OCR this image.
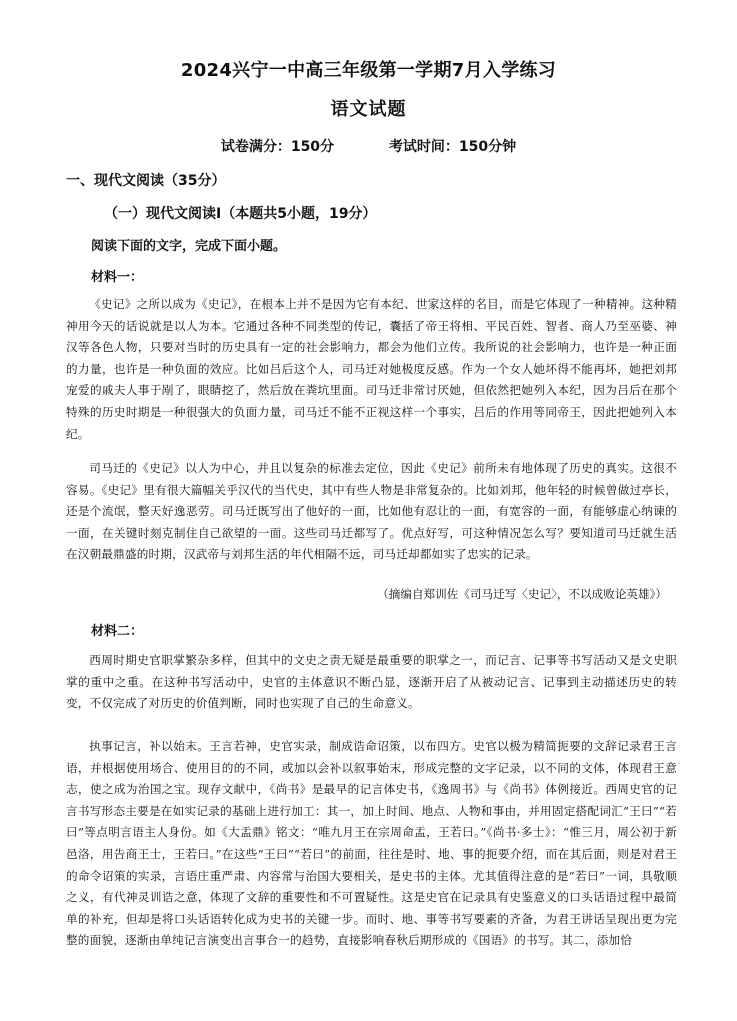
2024兴宁一中高三年级第一学期7月入学练习
语文试题
试卷满分：150分	考试时间：150分钟
一、现代文阅读（35分）
（一）现代文阅读Ⅰ（本题共5小题，19分）
阅读下面的文字，完成下面小题。
材料一：
《史记》之所以成为《史记》，在根本上并不是因为它有本纪、世家这样的名目，而是它体现了一种精神。这种精神用今天的话说就是以人为本。它通过各种不同类型的传记，囊括了帝王将相、平民百姓、智者、商人乃至巫婆、神汉等各色人物，只要对当时的历史具有一定的社会影响力，都会为他们立传。我所说的社会影响力，也许是一种正面的力量，也许是一种负面的效应。比如吕后这个人，司马迁对她极度反感。作为一个女人她坏得不能再坏，她把刘邦宠爱的戚夫人事于剐了，眼睛挖了，然后放在粪坑里面。司马迁非常讨厌她，但依然把她列入本纪，因为吕后在那个特殊的历史时期是一种很强大的负面力量，司马迁不能不正视这样一个事实，吕后的作用等同帝王，因此把她列入本纪。
司马迁的《史记》以人为中心，并且以复杂的标准去定位，因此《史记》前所未有地体现了历史的真实。这很不容易。《史记》里有很大篇幅关乎汉代的当代史，其中有些人物是非常复杂的。比如刘邦，他年轻的时候曾做过亭长，还是个流氓，整天好逸恶劳。司马迁既写出了他好的一面，比如他有忍让的一面，有宽容的一面，有能够虚心纳谏的一面，在关键时刻克制住自己欲望的一面。这些司马迁都写了。优点好写，可这种情况怎么写？要知道司马迁就生活在汉朝最鼎盛的时期，汉武帝与刘邦生活的年代相隔不远，司马迁却都如实了忠实的记录。
（摘编自郑训佐《司马迁写〈史记〉，不以成败论英雄》）
材料二：
西周时期史官职掌繁杂多样，但其中的文史之责无疑是最重要的职掌之一，而记言、记事等书写活动又是文史职掌的重中之重。在这种书写活动中，史官的主体意识不断凸显，逐渐开启了从被动记言、记事到主动描述历史的转变，不仅完成了对历史的价值判断，同时也实现了自己的生命意义。
执事记言，补以始末。王言若神，史官实录，制成诰命诏策，以布四方。史官以极为精简扼要的文辞记录君王言语，并根据使用场合、使用目的的不同，或加以会补以叙事始末，形成完整的文字记录，以不同的文体，体现君王意志，使之成为治国之宝。现存文献中，《尚书》是最早的记言体史书，《逸周书》与《尚书》体例接近。西周史官的记言书写形态主要是在如实记录的基础上进行加工：其一，加上时间、地点、人物和事由，并用固定搭配词汇“王曰”“若曰”等点明言语主人身份。如《大盂鼎》铭文：“唯九月王在宗周命盂，王若曰。”《尚书·多士》：“惟三月，周公初于新邑洛，用告商王士，王若曰。”在这些“王曰”“若曰”的前面，往往是时、地、事的扼要介绍，而在其后面，则是对君王的命令诏策的实录，言语庄重严肃、内容常与治国大要相关，是史书的主体。尤其值得注意的是“若曰”一词，具敬顺之义，有代神灵训诰之意，体现了文辞的重要性和不可置疑性。这是史官在记录具有史鉴意义的口头话语过程中最简单的补充，但却是将口头话语转化成为史书的关键一步。而时、地、事等书写要素的齐备，为君王讲话呈现出更为完整的面貌，逐渐由单纯记言演变出言事合一的趋势，直接影响春秋后期形成的《国语》的书写。其二，添加恰
